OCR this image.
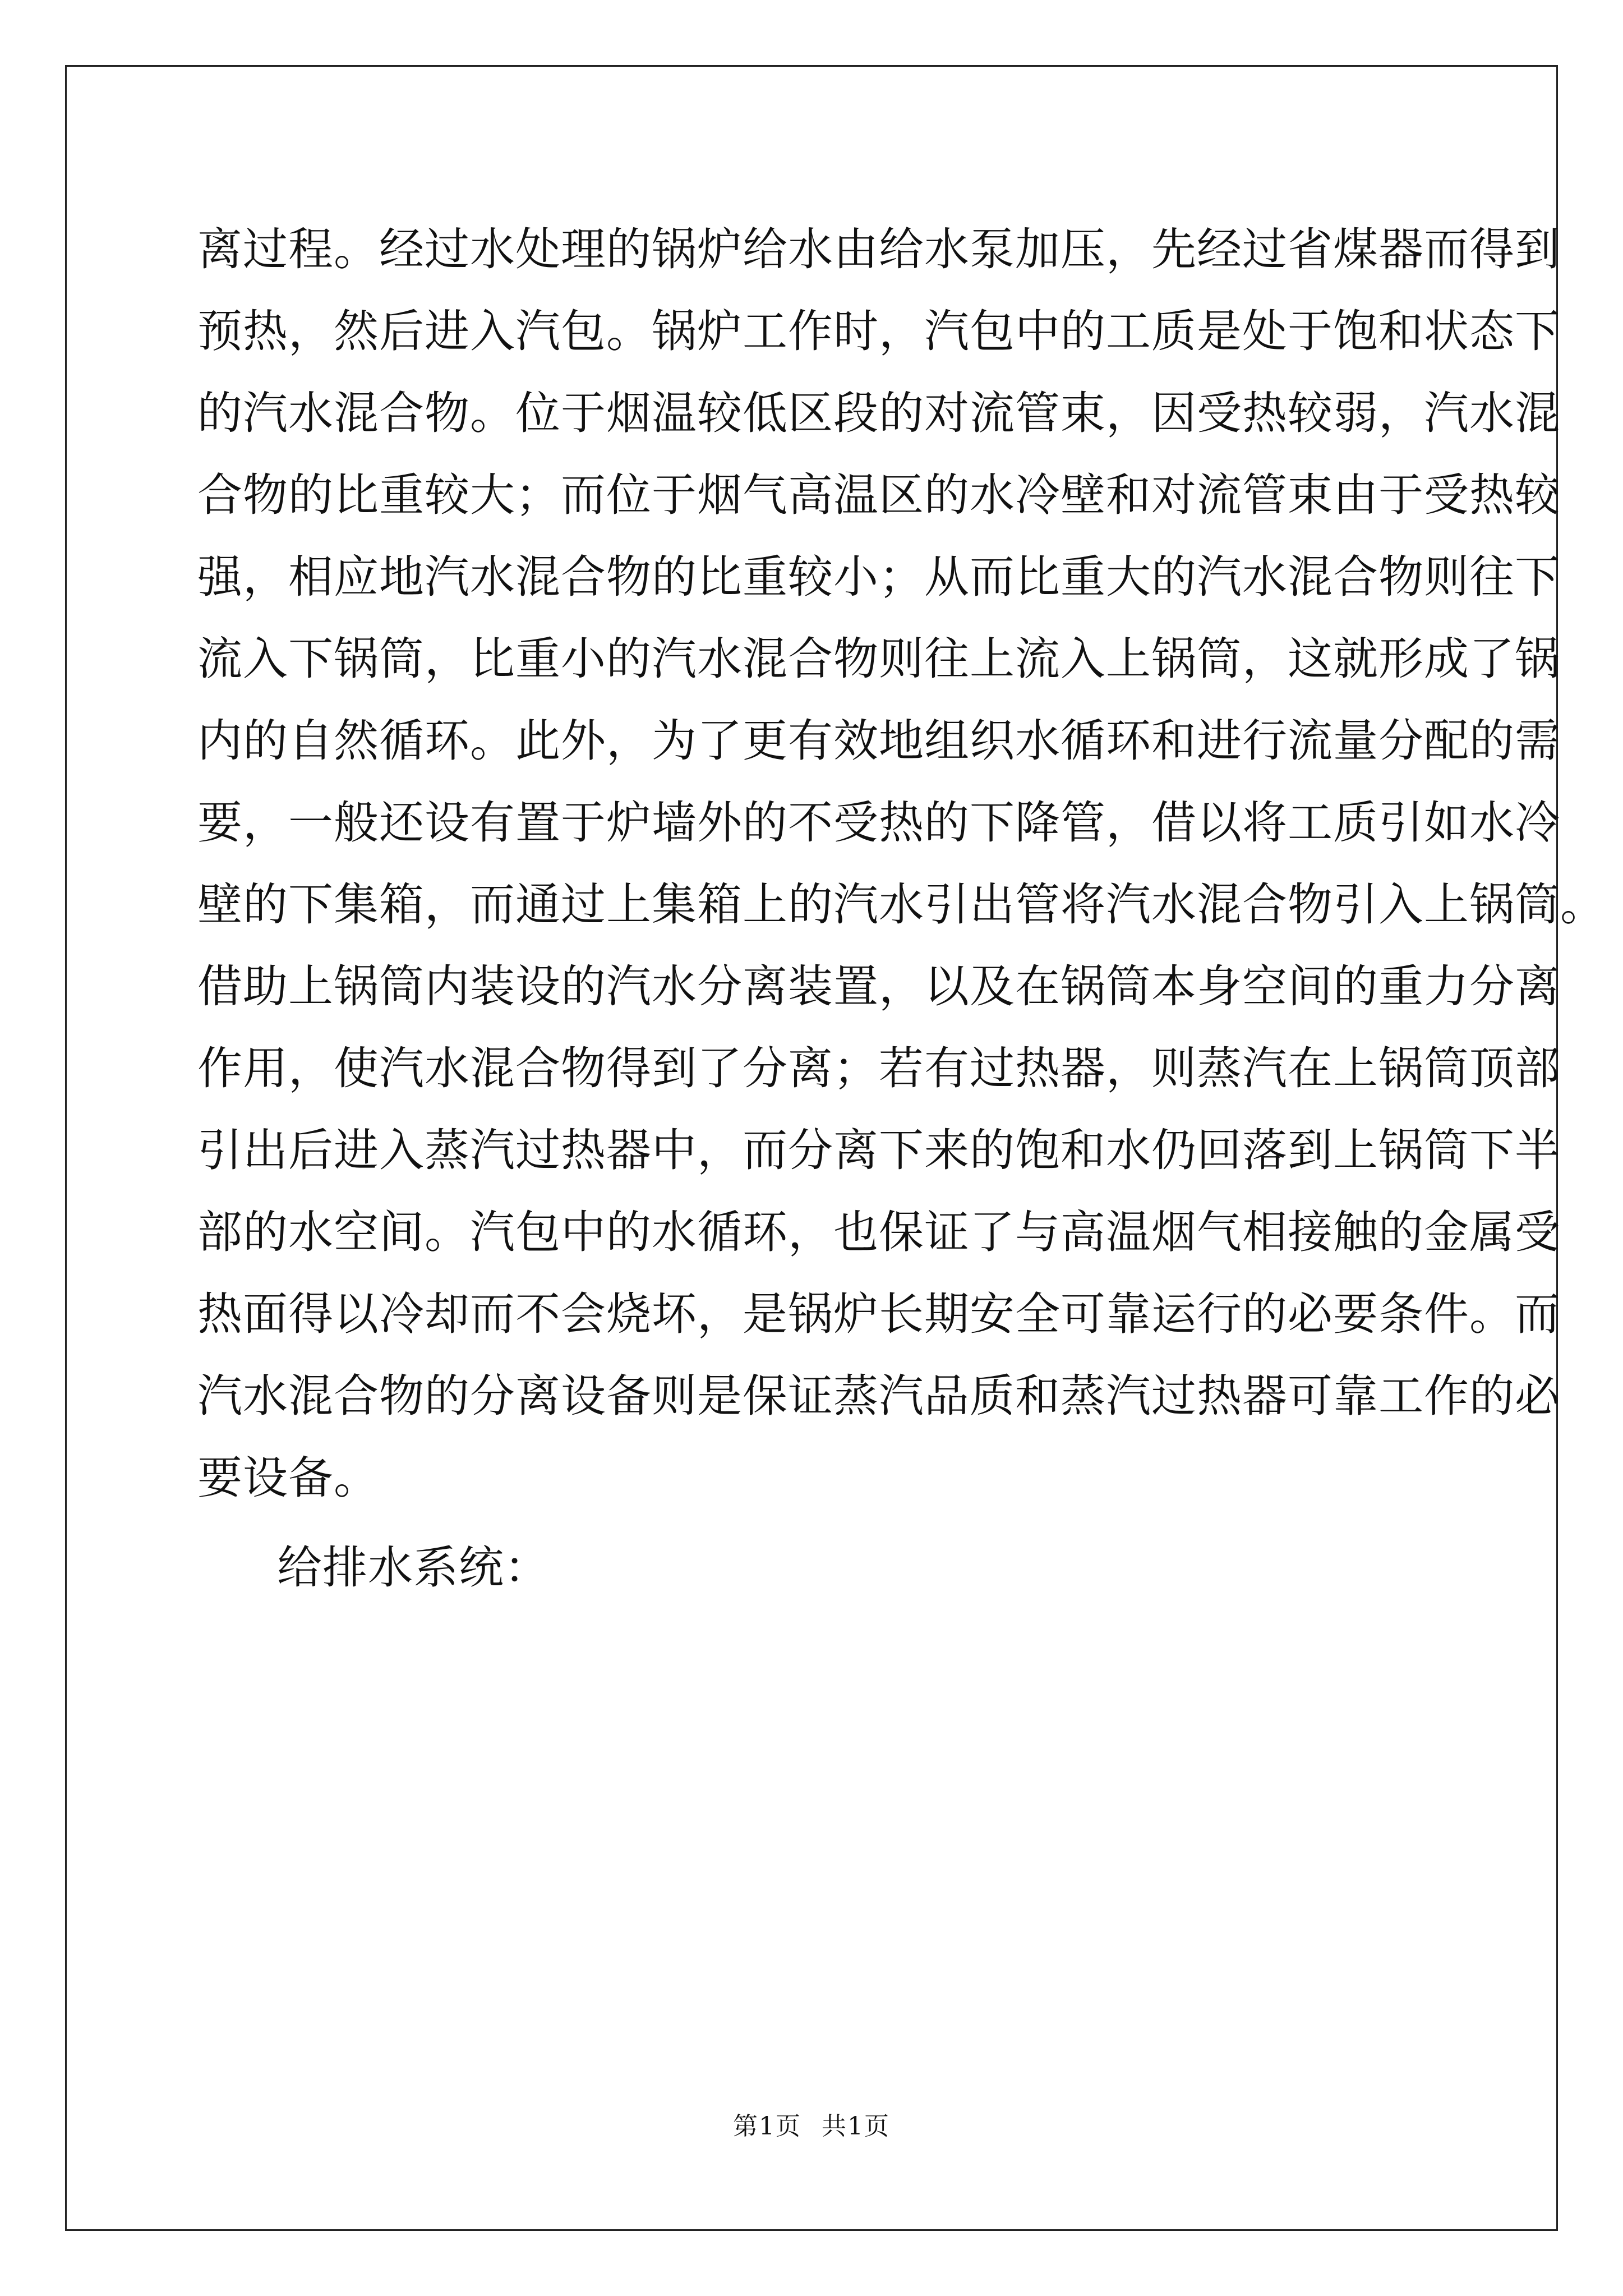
离过程。经过水处理的锅炉给水由给水泵加压，先经过省煤器而得到
预热，然后进入汽包。锅炉工作时，汽包中的工质是处于饱和状态下
的汽水混合物。位于烟温较低区段的对流管束，因受热较弱，汽水混
合物的比重较大；而位于烟气高温区的水冷壁和对流管束由于受热较
强，相应地汽水混合物的比重较小；从而比重大的汽水混合物则往下
流入下锅筒，比重小的汽水混合物则往上流入上锅筒，这就形成了锅
内的自然循环。此外，为了更有效地组织水循环和进行流量分配的需
要，一般还设有置于炉墙外的不受热的下降管，借以将工质引如水冷
壁的下集箱，而通过上集箱上的汽水引出管将汽水混合物引入上锅筒。
借助上锅筒内装设的汽水分离装置，以及在锅筒本身空间的重力分离
作用，使汽水混合物得到了分离；若有过热器，则蒸汽在上锅筒顶部
引出后进入蒸汽过热器中，而分离下来的饱和水仍回落到上锅筒下半
部的水空间。汽包中的水循环，也保证了与高温烟气相接触的金属受
热面得以冷却而不会烧坏，是锅炉长期安全可靠运行的必要条件。而
汽水混合物的分离设备则是保证蒸汽品质和蒸汽过热器可靠工作的必
要设备。
给排水系统：
第1页 共1页
